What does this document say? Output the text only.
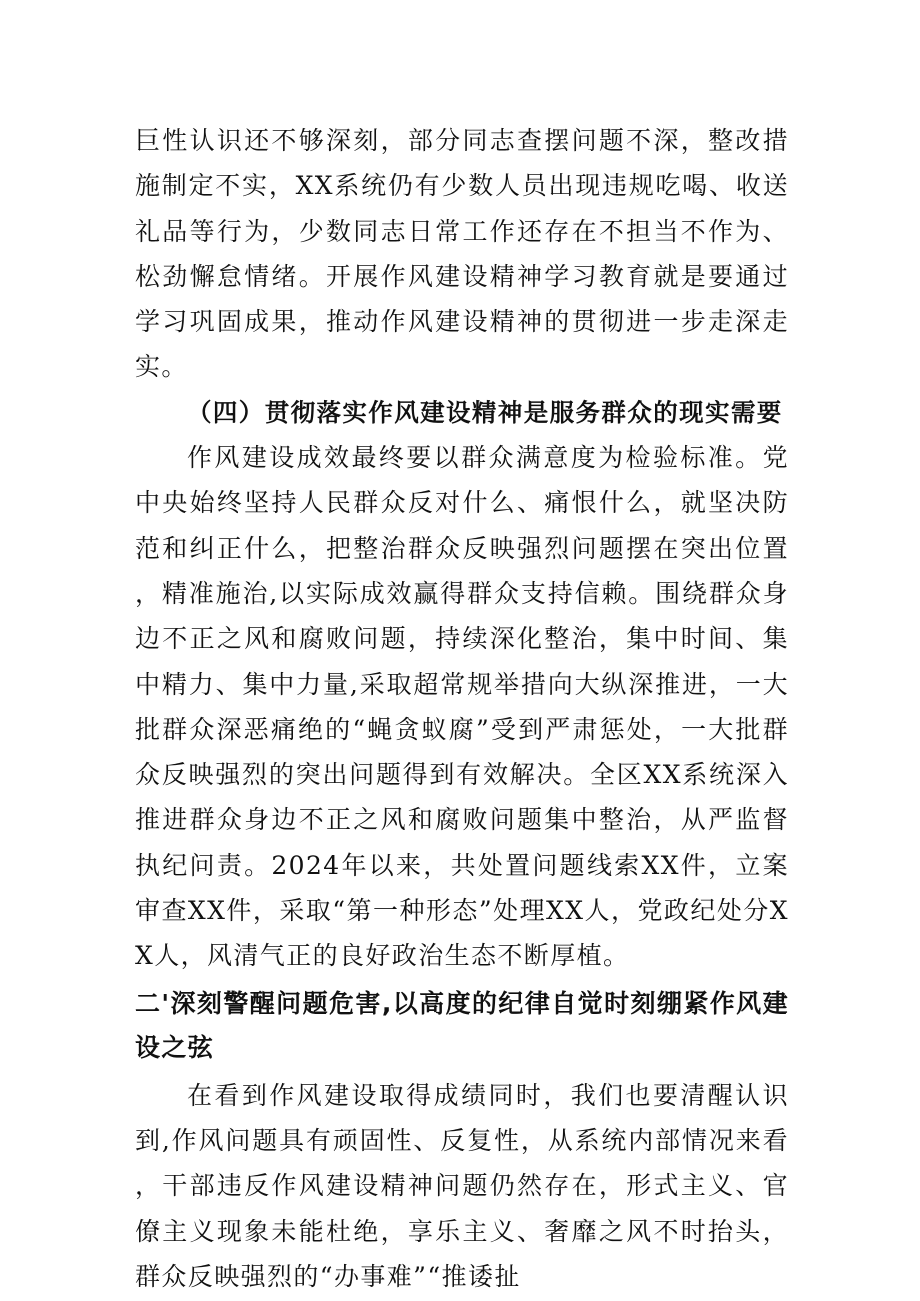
巨性认识还不够深刻，部分同志查摆问题不深，整改措施制定不实，XX系统仍有少数人员出现违规吃喝、收送礼品等行为，少数同志日常工作还存在不担当不作为、松劲懈怠情绪。开展作风建设精神学习教育就是要通过学习巩固成果，推动作风建设精神的贯彻进一步走深走实。

（四）贯彻落实作风建设精神是服务群众的现实需要

作风建设成效最终要以群众满意度为检验标准。党中央始终坚持人民群众反对什么、痛恨什么，就坚决防范和纠正什么，把整治群众反映强烈问题摆在突出位置，精准施治,以实际成效赢得群众支持信赖。围绕群众身边不正之风和腐败问题，持续深化整治，集中时间、集中精力、集中力量,采取超常规举措向大纵深推进，一大批群众深恶痛绝的“蝇贪蚁腐”受到严肃惩处，一大批群众反映强烈的突出问题得到有效解决。全区XX系统深入推进群众身边不正之风和腐败问题集中整治，从严监督执纪问责。2024年以来，共处置问题线索XX件，立案审查XX件，采取“第一种形态”处理XX人，党政纪处分XX人，风清气正的良好政治生态不断厚植。

二'深刻警醒问题危害,以高度的纪律自觉时刻绷紧作风建设之弦

在看到作风建设取得成绩同时，我们也要清醒认识到,作风问题具有顽固性、反复性，从系统内部情况来看，干部违反作风建设精神问题仍然存在，形式主义、官僚主义现象未能杜绝，享乐主义、奢靡之风不时抬头，群众反映强烈的“办事难”“推诿扯
